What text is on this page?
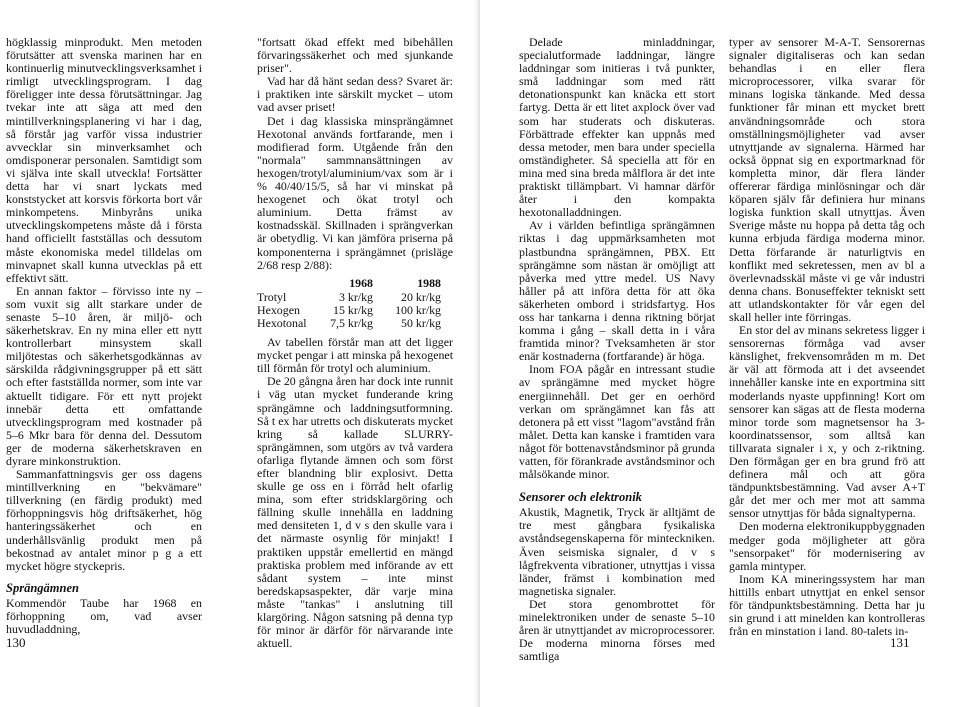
högklassig minprodukt. Men metoden förutsätter att svenska marinen har en kontinuerlig minutvecklingsverksamhet i rimligt utvecklingsprogram. I dag föreligger inte dessa förutsättningar. Jag tvekar inte att säga att med den mintillverkningsplanering vi har i dag, så förstår jag varför vissa industrier avvecklar sin minverksamhet och omdisponerar personalen. Samtidigt som vi själva inte skall utveckla! Fortsätter detta har vi snart lyckats med konststycket att korsvis förkorta bort vår minkompetens. Minbyråns unika utvecklingskompetens måste då i första hand officiellt fastställas och dessutom måste ekonomiska medel tilldelas om minvapnet skall kunna utvecklas på ett effektivt sätt.

En annan faktor – förvisso inte ny – som vuxit sig allt starkare under de senaste 5–10 åren, är miljö- och säkerhetskrav. En ny mina eller ett nytt kontrollerbart minsystem skall miljötestas och säkerhetsgodkännas av särskilda rådgivningsgrupper på ett sätt och efter fastställda normer, som inte var aktuellt tidigare. För ett nytt projekt innebär detta ett omfattande utvecklingsprogram med kostnader på 5–6 Mkr bara för denna del. Dessutom ger de moderna säkerhetskraven en dyrare minkonstruktion.

Sammanfattningsvis ger oss dagens mintillverkning en "bekvämare" tillverkning (en färdig produkt) med förhoppningsvis hög driftsäkerhet, hög hanteringssäkerhet och en underhållsvänlig produkt men på bekostnad av antalet minor p g a ett mycket högre styckepris.

Sprängämnen

Kommendör Taube har 1968 en förhoppning om, vad avser huvudladdning,

"fortsatt ökad effekt med bibehållen förvaringssäkerhet och med sjunkande priser".

Vad har då hänt sedan dess? Svaret är: i praktiken inte särskilt mycket – utom vad avser priset!

Det i dag klassiska minsprängämnet Hexotonal används fortfarande, men i modifierad form. Utgående från den "normala" sammnansättningen av hexogen/trotyl/aluminium/vax som är i % 40/40/15/5, så har vi minskat på hexogenet och ökat trotyl och aluminium. Detta främst av kostnadsskäl. Skillnaden i sprängverkan är obetydlig. Vi kan jämföra priserna på komponenterna i sprängämnet (prisläge 2/68 resp 2/88):

	1968	1988
Trotyl	3 kr/kg	20 kr/kg
Hexogen	15 kr/kg	100 kr/kg
Hexotonal	7,5 kr/kg	50 kr/kg

Av tabellen förstår man att det ligger mycket pengar i att minska på hexogenet till förmån för trotyl och aluminium.

De 20 gångna åren har dock inte runnit i väg utan mycket funderande kring sprängämne och laddningsutformning. Så t ex har utretts och diskuterats mycket kring så kallade SLURRY- sprängämnen, som utgörs av två vardera ofarliga flytande ämnen och som först efter blandning blir explosivt. Detta skulle ge oss en i förråd helt ofarlig mina, som efter stridsklargöring och fällning skulle innehålla en laddning med densiteten 1, d v s den skulle vara i det närmaste osynlig för minjakt! I praktiken uppstår emellertid en mängd praktiska problem med införande av ett sådant system – inte minst beredskapsaspekter, där varje mina måste "tankas" i anslutning till klargöring. Någon satsning på denna typ för minor är därför för närvarande inte aktuell.

130

Delade minladdningar, specialutformade laddningar, längre laddningar som initieras i två punkter, små laddningar som med rätt detonationspunkt kan knäcka ett stort fartyg. Detta är ett litet axplock över vad som har studerats och diskuteras. Förbättrade effekter kan uppnås med dessa metoder, men bara under speciella omständigheter. Så speciella att för en mina med sina breda målflora är det inte praktiskt tillämpbart. Vi hamnar därför åter i den kompakta hexotonalladdningen.

Av i världen befintliga sprängämnen riktas i dag uppmärksamheten mot plastbundna sprängämnen, PBX. Ett sprängämne som nästan är omöjligt att påverka med yttre medel. US Navy håller på att införa detta för att öka säkerheten ombord i stridsfartyg. Hos oss har tankarna i denna riktning börjat komma i gång – skall detta in i våra framtida minor? Tveksamheten är stor enär kostnaderna (fortfarande) är höga.

Inom FOA pågår en intressant studie av sprängämne med mycket högre energiinnehåll. Det ger en oerhörd verkan om sprängämnet kan fås att detonera på ett visst "lagom"avstånd från målet. Detta kan kanske i framtiden vara något för bottenavståndsminor på grunda vatten, för förankrade avståndsminor och målsökande minor.

Sensorer och elektronik

Akustik, Magnetik, Tryck är alltjämt de tre mest gångbara fysikaliska avståndsegenskaperna för minteckniken. Även seismiska signaler, d v s lågfrekventa vibrationer, utnyttjas i vissa länder, främst i kombination med magnetiska signaler.

Det stora genombrottet för minelektroniken under de senaste 5–10 åren är utnyttjandet av microprocessorer. De moderna minorna förses med samtliga

typer av sensorer M-A-T. Sensorernas signaler digitaliseras och kan sedan behandlas i en eller flera microprocessorer, vilka svarar för minans logiska tänkande. Med dessa funktioner får minan ett mycket brett användningsområde och stora omställningsmöjligheter vad avser utnyttjande av signalerna. Härmed har också öppnat sig en exportmarknad för kompletta minor, där flera länder offererar färdiga minlösningar och där köparen själv får definiera hur minans logiska funktion skall utnyttjas. Även Sverige måste nu hoppa på detta tåg och kunna erbjuda färdiga moderna minor. Detta förfarande är naturligtvis en konflikt med sekretessen, men av bl a överlevnadsskäl måste vi ge vår industri denna chans. Bonuseffekter tekniskt sett att utlandskontakter för vår egen del skall heller inte förringas.

En stor del av minans sekretess ligger i sensorernas förmåga vad avser känslighet, frekvensområden m m. Det är väl att förmoda att i det avseendet innehåller kanske inte en exportmina sitt moderlands nyaste uppfinning! Kort om sensorer kan sägas att de flesta moderna minor torde som magnetsensor ha 3-koordinatssensor, som alltså kan tillvarata signaler i x, y och z-riktning. Den förmågan ger en bra grund frö att definera mål och att göra tändpunktsbestämning. Vad avser A+T går det mer och mer mot att samma sensor utnyttjas för båda signaltyperna.

Den moderna elektronikuppbyggnaden medger goda möjligheter att göra "sensorpaket" för modernisering av gamla mintyper.

Inom KA mineringssystem har man hittills enbart utnyttjat en enkel sensor för tändpunktsbestämning. Detta har ju sin grund i att minelden kan kontrolleras från en minstation i land. 80-talets in-

131
